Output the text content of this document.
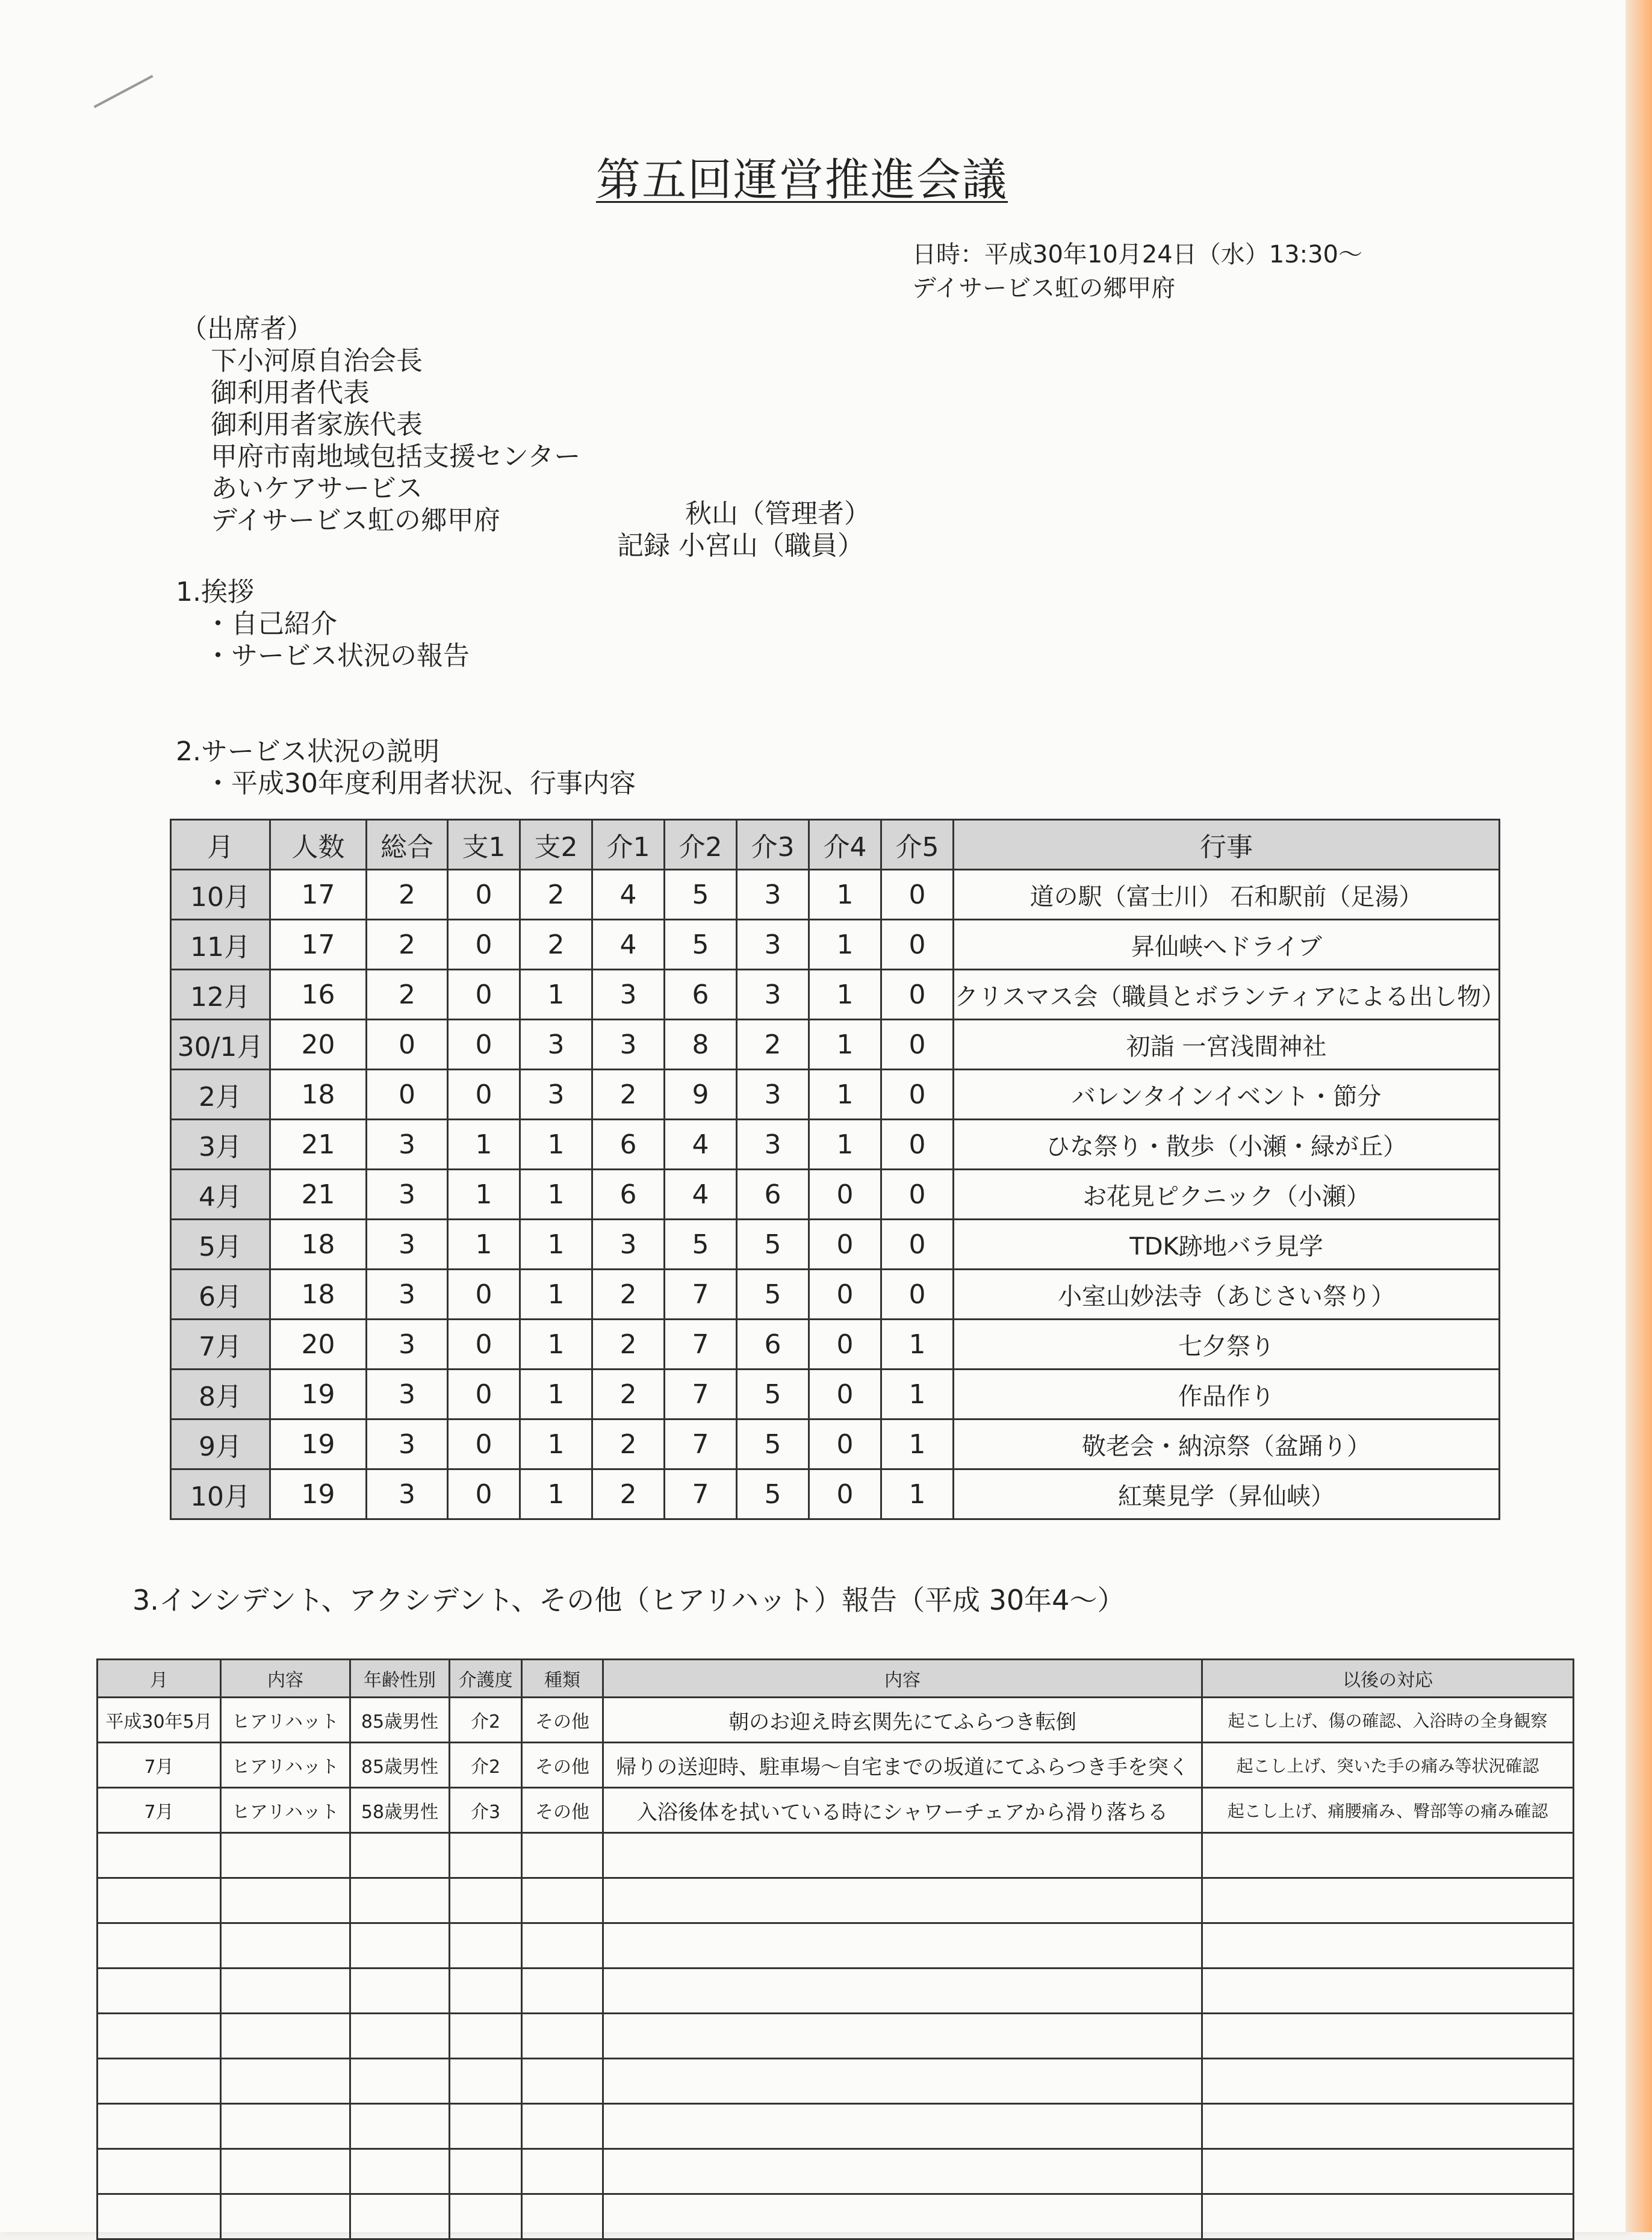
第五回運営推進会議
日時：平成30年10月24日（水）13:30～
デイサービス虹の郷甲府
（出席者）
下小河原自治会長
御利用者代表
御利用者家族代表
甲府市南地域包括支援センター
あいケアサービス
デイサービス虹の郷甲府	秋山（管理者）
記録 小宮山（職員）
1.挨拶
・自己紹介
・サービス状況の報告
2.サービス状況の説明
・平成30年度利用者状況、行事内容
月	人数	総合	支1	支2	介1	介2	介3	介4	介5	行事
10月	17	2	0	2	4	5	3	1	0	道の駅（富士川） 石和駅前（足湯）
11月	17	2	0	2	4	5	3	1	0	昇仙峡へドライブ
12月	16	2	0	1	3	6	3	1	0	クリスマス会（職員とボランティアによる出し物）
30/1月	20	0	0	3	3	8	2	1	0	初詣 一宮浅間神社
2月	18	0	0	3	2	9	3	1	0	バレンタインイベント・節分
3月	21	3	1	1	6	4	3	1	0	ひな祭り・散歩（小瀬・緑が丘）
4月	21	3	1	1	6	4	6	0	0	お花見ピクニック（小瀬）
5月	18	3	1	1	3	5	5	0	0	TDK跡地バラ見学
6月	18	3	0	1	2	7	5	0	0	小室山妙法寺（あじさい祭り）
7月	20	3	0	1	2	7	6	0	1	七夕祭り
8月	19	3	0	1	2	7	5	0	1	作品作り
9月	19	3	0	1	2	7	5	0	1	敬老会・納涼祭（盆踊り）
10月	19	3	0	1	2	7	5	0	1	紅葉見学（昇仙峡）
3.インシデント、アクシデント、その他（ヒアリハット）報告（平成 30年4～）
月	内容	年齢性別	介護度	種類	内容	以後の対応
平成30年5月	ヒアリハット	85歳男性	介2	その他	朝のお迎え時玄関先にてふらつき転倒	起こし上げ、傷の確認、入浴時の全身観察
7月	ヒアリハット	85歳男性	介2	その他	帰りの送迎時、駐車場～自宅までの坂道にてふらつき手を突く	起こし上げ、突いた手の痛み等状況確認
7月	ヒアリハット	58歳男性	介3	その他	入浴後体を拭いている時にシャワーチェアから滑り落ちる	起こし上げ、痛腰痛み、臀部等の痛み確認
